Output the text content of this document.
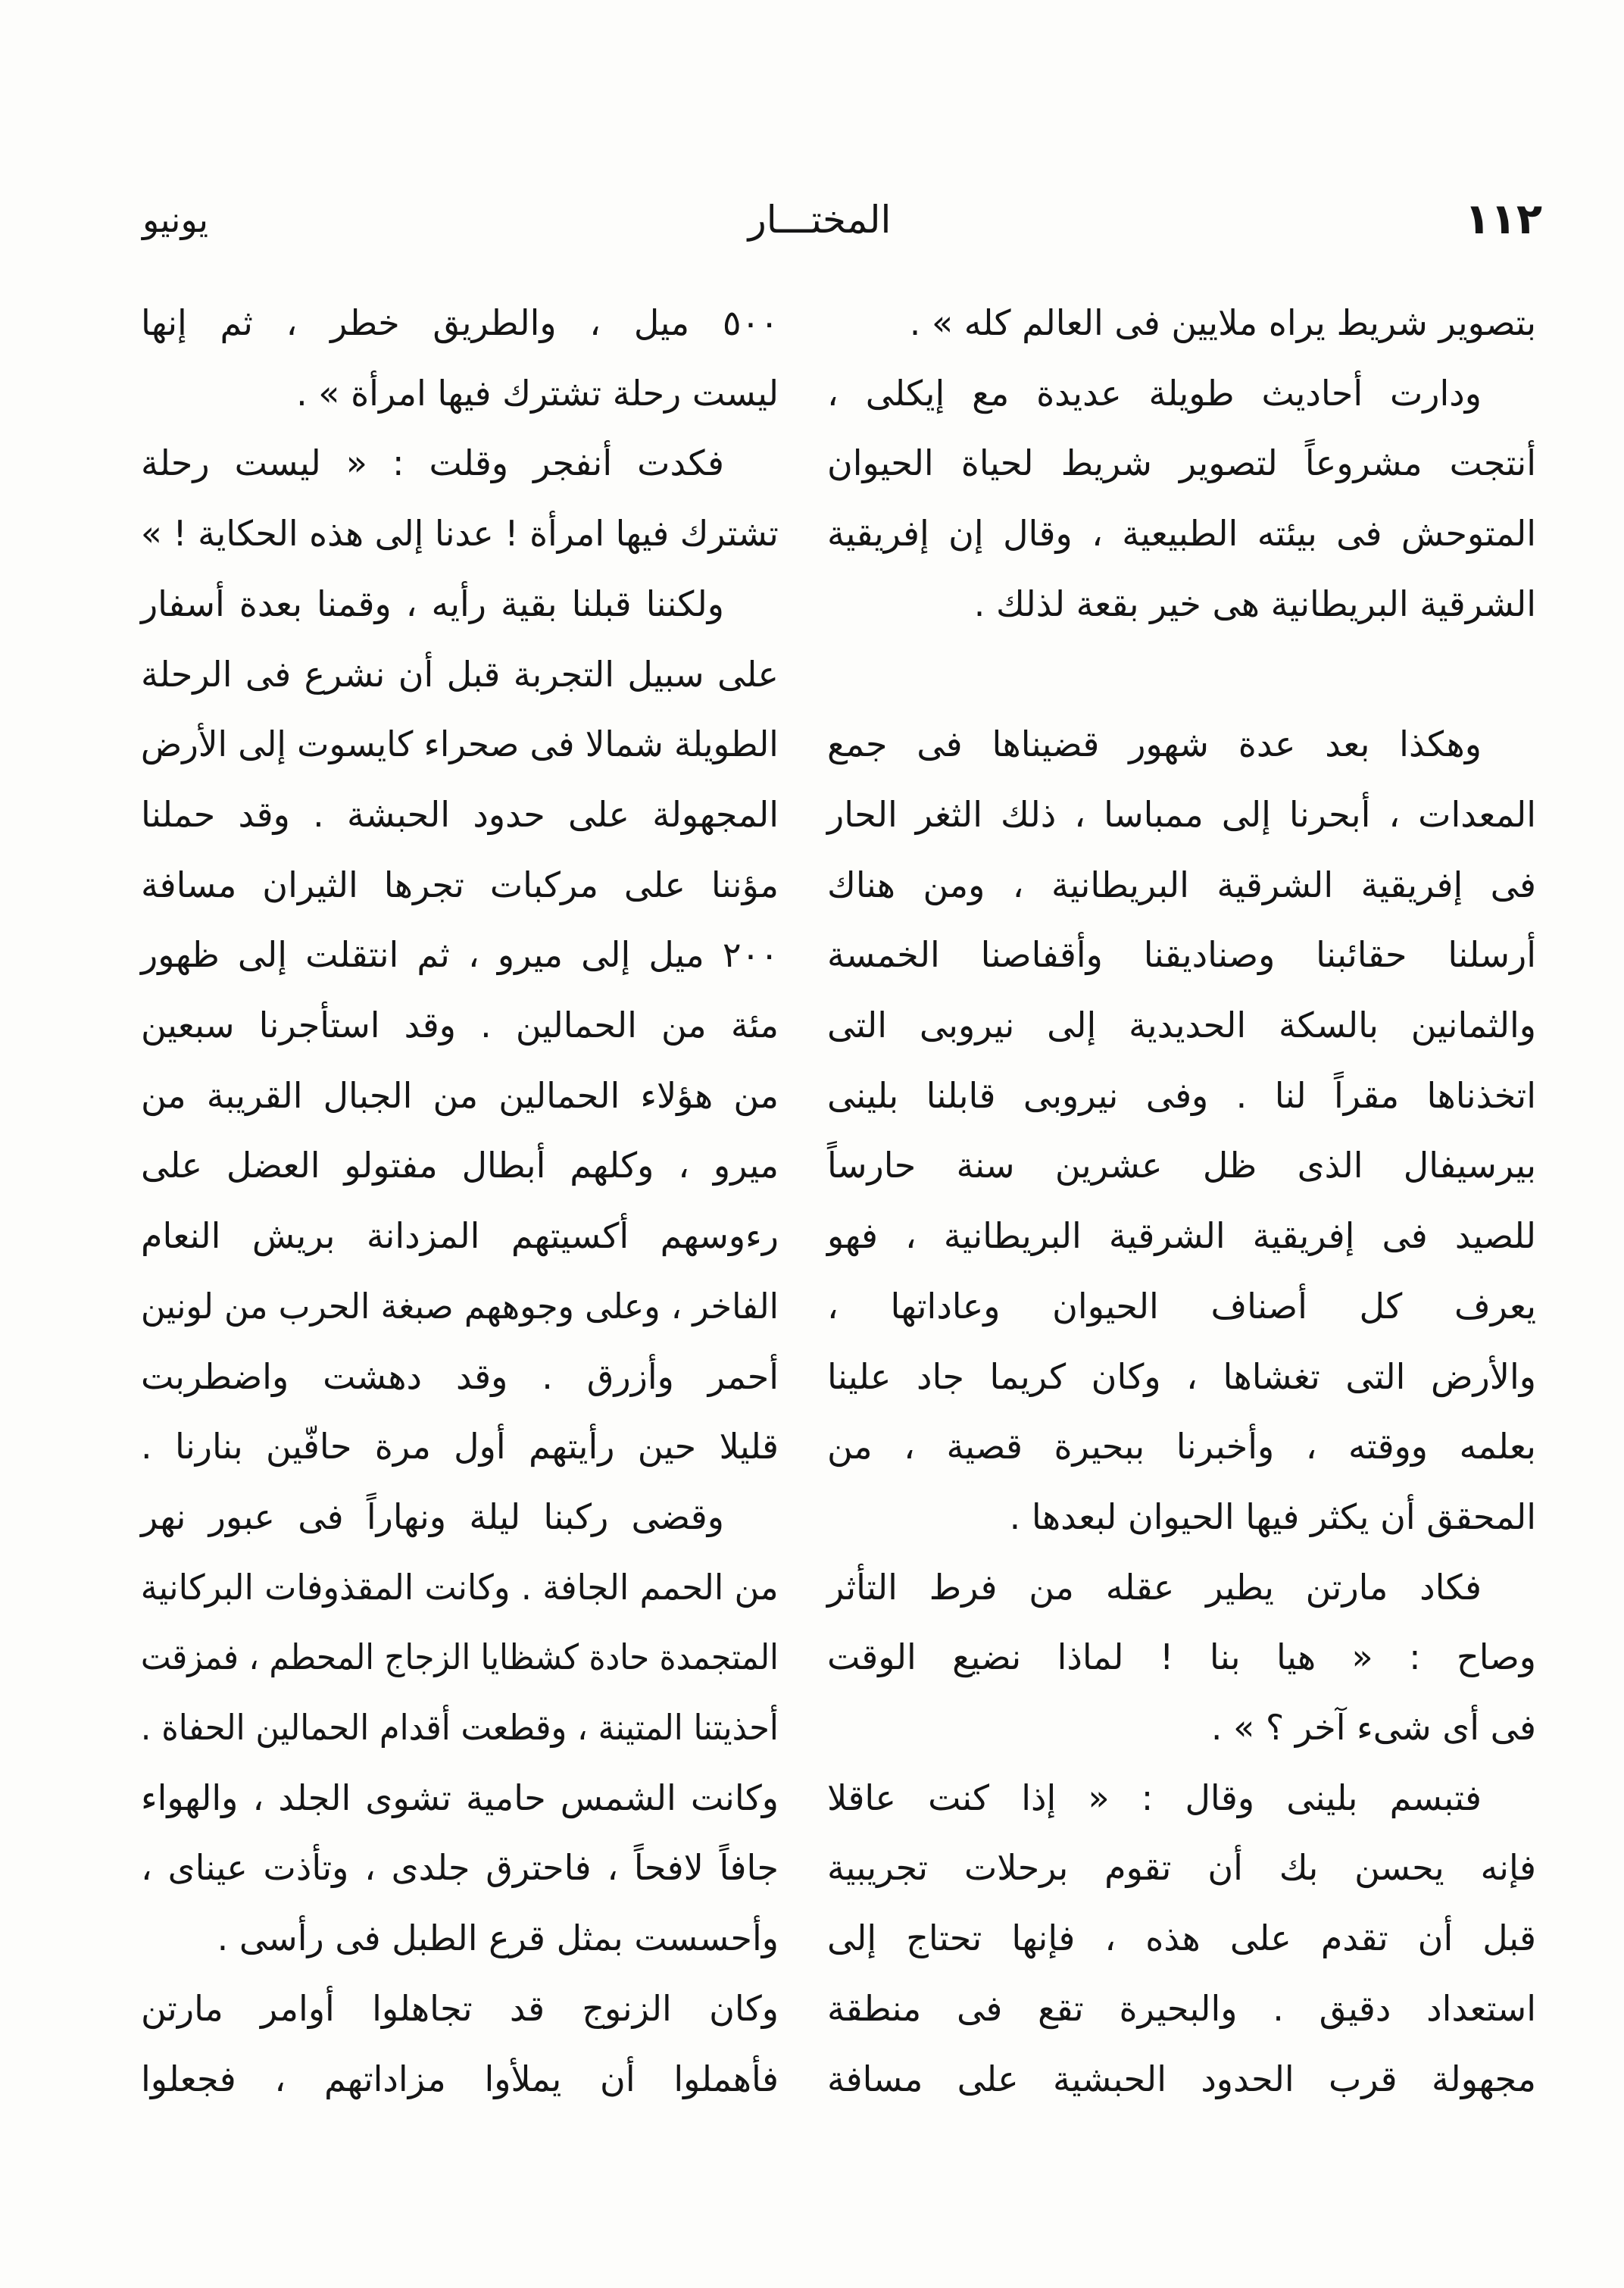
١١٢
المختـــار
يونيو
بتصوير شريط يراه ملايين فى العالم كله » .
ودارت أحاديث طويلة عديدة مع إيكلى ،
أنتجت مشروعاً لتصوير شريط لحياة الحيوان
المتوحش فى بيئته الطبيعية ، وقال إن إفريقية
الشرقية البريطانية هى خير بقعة لذلك .
وهكذا بعد عدة شهور قضيناها فى جمع
المعدات ، أبحرنا إلى ممباسا ، ذلك الثغر الحار
فى إفريقية الشرقية البريطانية ، ومن هناك
أرسلنا حقائبنا وصناديقنا وأقفاصنا الخمسة
والثمانين بالسكة الحديدية إلى نيروبى التى
اتخذناها مقراً لنا . وفى نيروبى قابلنا بلينى
بيرسيفال الذى ظل عشرين سنة حارساً
للصيد فى إفريقية الشرقية البريطانية ، فهو
يعرف كل أصناف الحيوان وعاداتها ،
والأرض التى تغشاها ، وكان كريما جاد علينا
بعلمه ووقته ، وأخبرنا ببحيرة قصية ، من
المحقق أن يكثر فيها الحيوان لبعدها .
فكاد مارتن يطير عقله من فرط التأثر
وصاح : « هيا بنا ! لماذا نضيع الوقت
فى أى شىء آخر ؟ » .
فتبسم بلينى وقال : « إذا كنت عاقلا
فإنه يحسن بك أن تقوم برحلات تجريبية
قبل أن تقدم على هذه ، فإنها تحتاج إلى
استعداد دقيق . والبحيرة تقع فى منطقة
مجهولة قرب الحدود الحبشية على مسافة
٥٠٠ ميل ، والطريق خطر ، ثم إنها
ليست رحلة تشترك فيها امرأة » .
فكدت أنفجر وقلت : « ليست رحلة
تشترك فيها امرأة ! عدنا إلى هذه الحكاية ! »
ولكننا قبلنا بقية رأيه ، وقمنا بعدة أسفار
على سبيل التجربة قبل أن نشرع فى الرحلة
الطويلة شمالا فى صحراء كايسوت إلى الأرض
المجهولة على حدود الحبشة . وقد حملنا
مؤننا على مركبات تجرها الثيران مسافة
٢٠٠ ميل إلى ميرو ، ثم انتقلت إلى ظهور
مئة من الحمالين . وقد استأجرنا سبعين
من هؤلاء الحمالين من الجبال القريبة من
ميرو ، وكلهم أبطال مفتولو العضل على
رءوسهم أكسيتهم المزدانة بريش النعام
الفاخر ، وعلى وجوههم صبغة الحرب من لونين
أحمر وأزرق . وقد دهشت واضطربت
قليلا حين رأيتهم أول مرة حافّين بنارنا .
وقضى ركبنا ليلة ونهاراً فى عبور نهر
من الحمم الجافة . وكانت المقذوفات البركانية
المتجمدة حادة كشظايا الزجاج المحطم ، فمزقت
أحذيتنا المتينة ، وقطعت أقدام الحمالين الحفاة .
وكانت الشمس حامية تشوى الجلد ، والهواء
جافاً لافحاً ، فاحترق جلدى ، وتأذت عيناى ،
وأحسست بمثل قرع الطبل فى رأسى .
وكان الزنوج قد تجاهلوا أوامر مارتن
فأهملوا أن يملأوا مزاداتهم ، فجعلوا
